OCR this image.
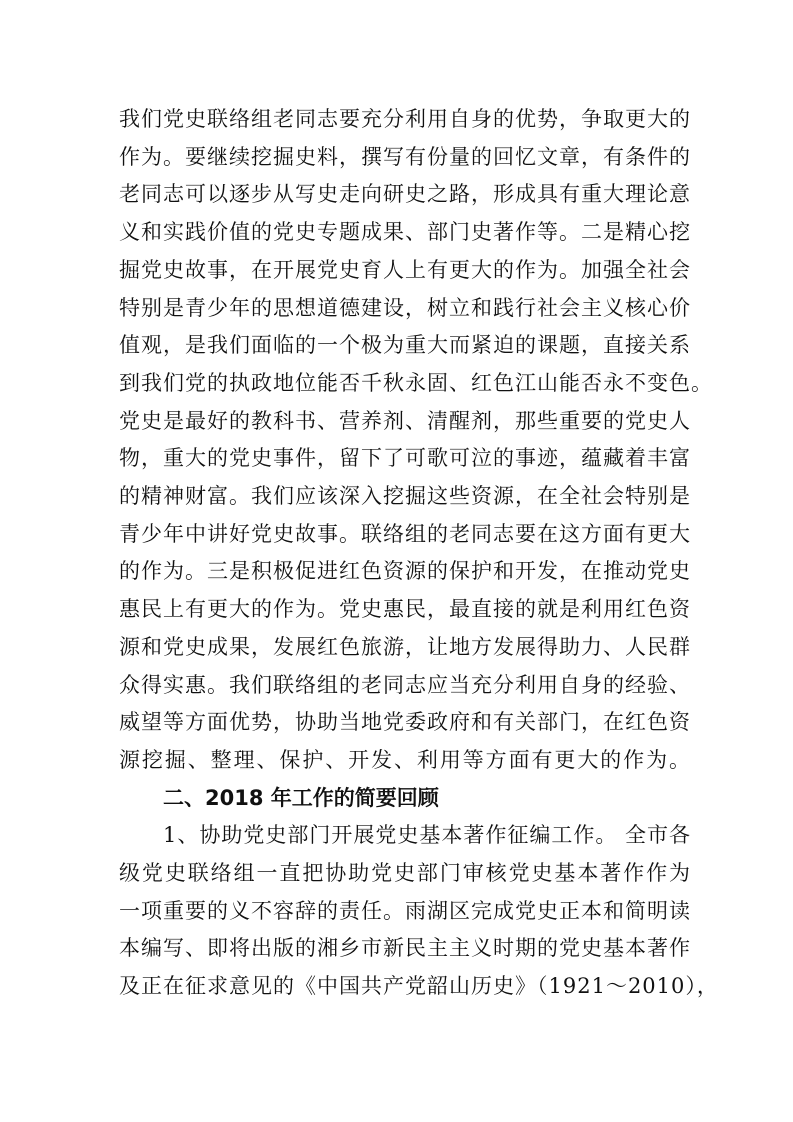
我们党史联络组老同志要充分利用自身的优势，争取更大的
作为。要继续挖掘史料，撰写有份量的回忆文章，有条件的
老同志可以逐步从写史走向研史之路，形成具有重大理论意
义和实践价值的党史专题成果、部门史著作等。二是精心挖
掘党史故事，在开展党史育人上有更大的作为。加强全社会
特别是青少年的思想道德建设，树立和践行社会主义核心价
值观，是我们面临的一个极为重大而紧迫的课题，直接关系
到我们党的执政地位能否千秋永固、红色江山能否永不变色。
党史是最好的教科书、营养剂、清醒剂，那些重要的党史人
物，重大的党史事件，留下了可歌可泣的事迹，蕴藏着丰富
的精神财富。我们应该深入挖掘这些资源，在全社会特别是
青少年中讲好党史故事。联络组的老同志要在这方面有更大
的作为。三是积极促进红色资源的保护和开发，在推动党史
惠民上有更大的作为。党史惠民，最直接的就是利用红色资
源和党史成果，发展红色旅游，让地方发展得助力、人民群
众得实惠。我们联络组的老同志应当充分利用自身的经验、
威望等方面优势，协助当地党委政府和有关部门，在红色资
源挖掘、整理、保护、开发、利用等方面有更大的作为。
二、2018 年工作的简要回顾
1、协助党史部门开展党史基本著作征编工作。 全市各
级党史联络组一直把协助党史部门审核党史基本著作作为
一项重要的义不容辞的责任。雨湖区完成党史正本和简明读
本编写、即将出版的湘乡市新民主主义时期的党史基本著作
及正在征求意见的《中国共产党韶山历史》（1921～2010），
